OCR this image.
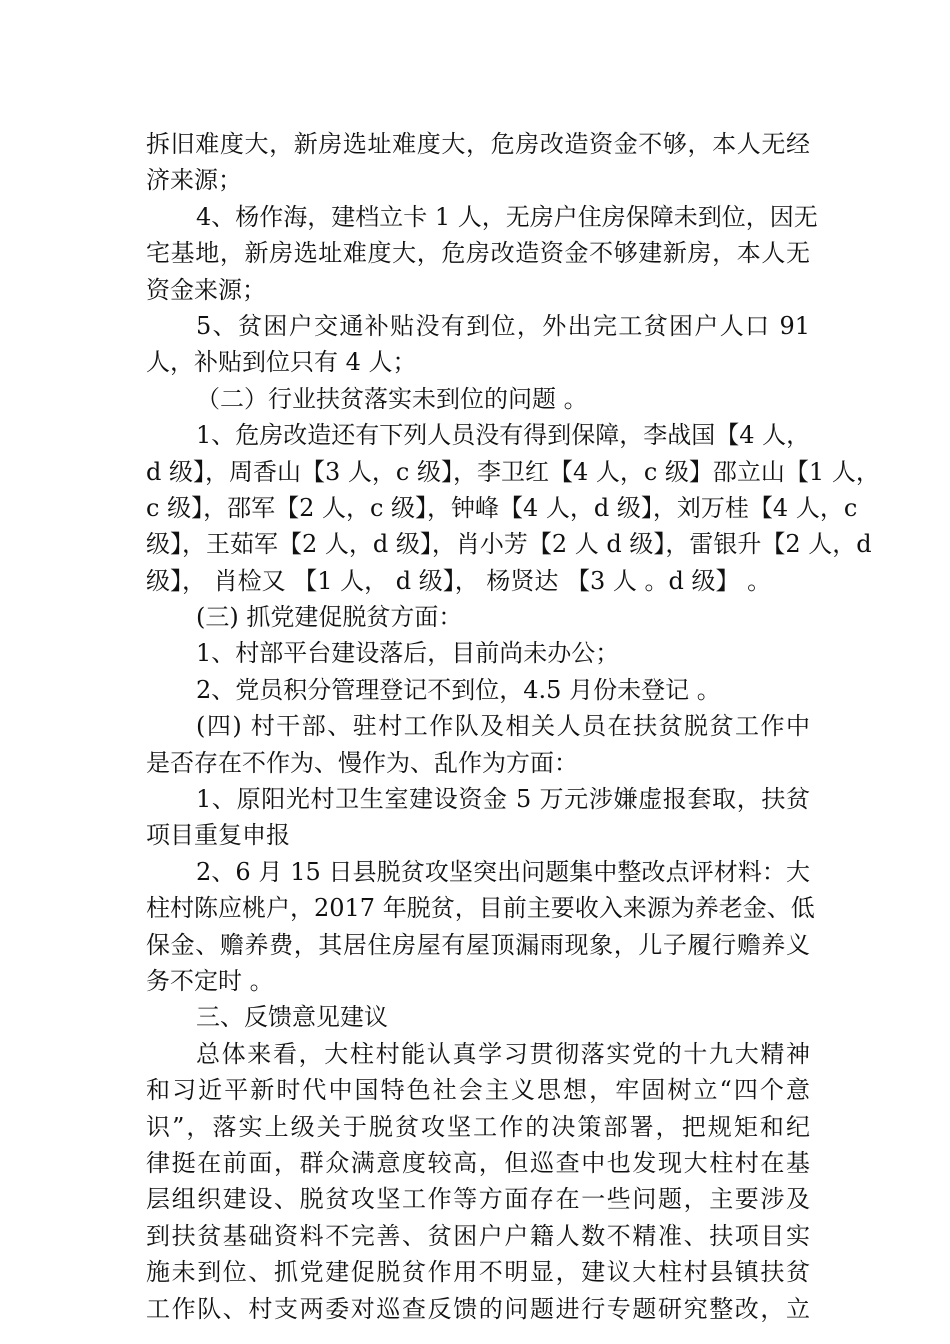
拆旧难度大，新房选址难度大，危房改造资金不够，本人无经
济来源；
4、杨作海，建档立卡 1 人，无房户住房保障未到位，因无
宅基地，新房选址难度大，危房改造资金不够建新房，本人无
资金来源；
5、贫困户交通补贴没有到位，外出完工贫困户人口 91
人，补贴到位只有 4 人；
（二）行业扶贫落实未到位的问题 。
1、危房改造还有下列人员没有得到保障，李战国【4 人，
d 级】，周香山【3 人，c 级】，李卫红【4 人，c 级】邵立山【1 人，
c 级】，邵军【2 人，c 级】，钟峰【4 人，d 级】，刘万桂【4 人，c
级】，王茹军【2 人，d 级】，肖小芳【2 人 d 级】，雷银升【2 人，d
级】， 肖检又 【1 人， d 级】， 杨贤达 【3 人 。d 级】 。
(三) 抓党建促脱贫方面：
1、村部平台建设落后，目前尚未办公；
2、党员积分管理登记不到位，4.5 月份未登记 。
(四) 村干部、驻村工作队及相关人员在扶贫脱贫工作中
是否存在不作为、慢作为、乱作为方面：
1、原阳光村卫生室建设资金 5 万元涉嫌虚报套取，扶贫
项目重复申报
2、6 月 15 日县脱贫攻坚突出问题集中整改点评材料：大
柱村陈应桃户，2017 年脱贫，目前主要收入来源为养老金、低
保金、赡养费，其居住房屋有屋顶漏雨现象，儿子履行赡养义
务不定时 。
三、反馈意见建议
总体来看，大柱村能认真学习贯彻落实党的十九大精神
和习近平新时代中国特色社会主义思想，牢固树立“四个意
识”，落实上级关于脱贫攻坚工作的决策部署，把规矩和纪
律挺在前面，群众满意度较高，但巡查中也发现大柱村在基
层组织建设、脱贫攻坚工作等方面存在一些问题，主要涉及
到扶贫基础资料不完善、贫困户户籍人数不精准、扶项目实
施未到位、抓党建促脱贫作用不明显，建议大柱村县镇扶贫
工作队、村支两委对巡查反馈的问题进行专题研究整改，立
